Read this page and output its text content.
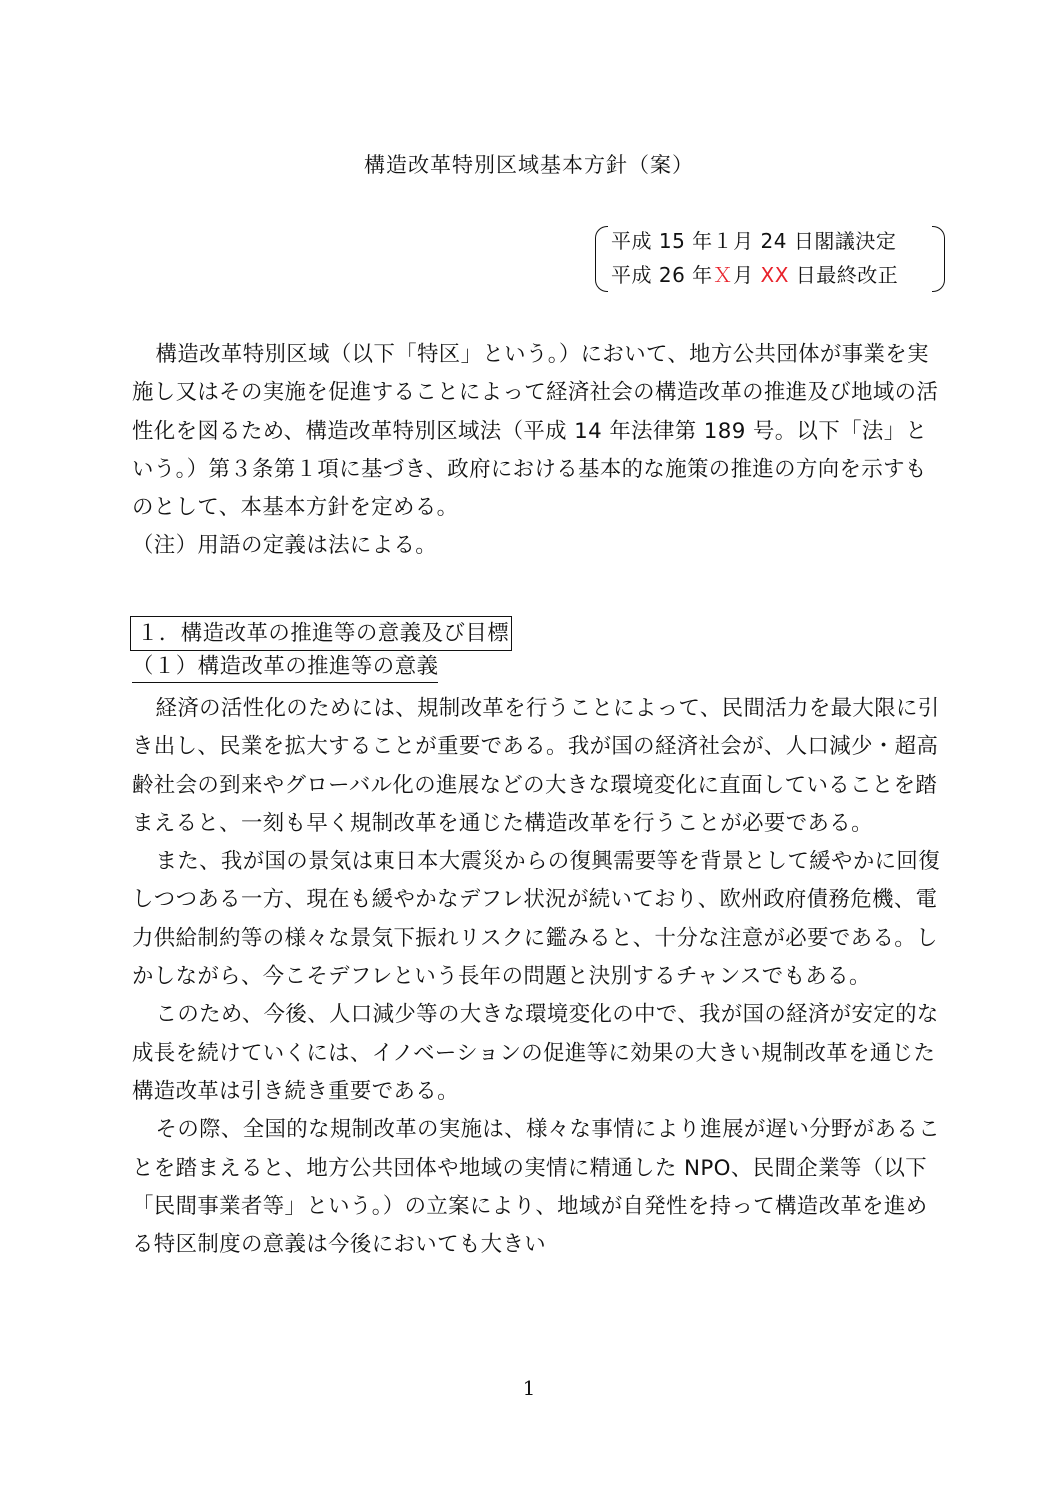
構造改革特別区域基本方針（案）
平成 15 年１月 24 日閣議決定
平成 26 年Ｘ月 XX 日最終改正

構造改革特別区域（以下「特区」という。）において、地方公共団体が事業を実施し又はその実施を促進することによって経済社会の構造改革の推進及び地域の活性化を図るため、構造改革特別区域法（平成 14 年法律第 189 号。以下「法」という。）第３条第１項に基づき、政府における基本的な施策の推進の方向を示すものとして、本基本方針を定める。

（注）用語の定義は法による。

１．構造改革の推進等の意義及び目標
（１）構造改革の推進等の意義

経済の活性化のためには、規制改革を行うことによって、民間活力を最大限に引き出し、民業を拡大することが重要である。我が国の経済社会が、人口減少・超高齢社会の到来やグローバル化の進展などの大きな環境変化に直面していることを踏まえると、一刻も早く規制改革を通じた構造改革を行うことが必要である。

また、我が国の景気は東日本大震災からの復興需要等を背景として緩やかに回復しつつある一方、現在も緩やかなデフレ状況が続いており、欧州政府債務危機、電力供給制約等の様々な景気下振れリスクに鑑みると、十分な注意が必要である。しかしながら、今こそデフレという長年の問題と決別するチャンスでもある。

このため、今後、人口減少等の大きな環境変化の中で、我が国の経済が安定的な成長を続けていくには、イノベーションの促進等に効果の大きい規制改革を通じた構造改革は引き続き重要である。

その際、全国的な規制改革の実施は、様々な事情により進展が遅い分野があることを踏まえると、地方公共団体や地域の実情に精通した NPO、民間企業等（以下「民間事業者等」という。）の立案により、地域が自発性を持って構造改革を進める特区制度の意義は今後においても大きい

1
